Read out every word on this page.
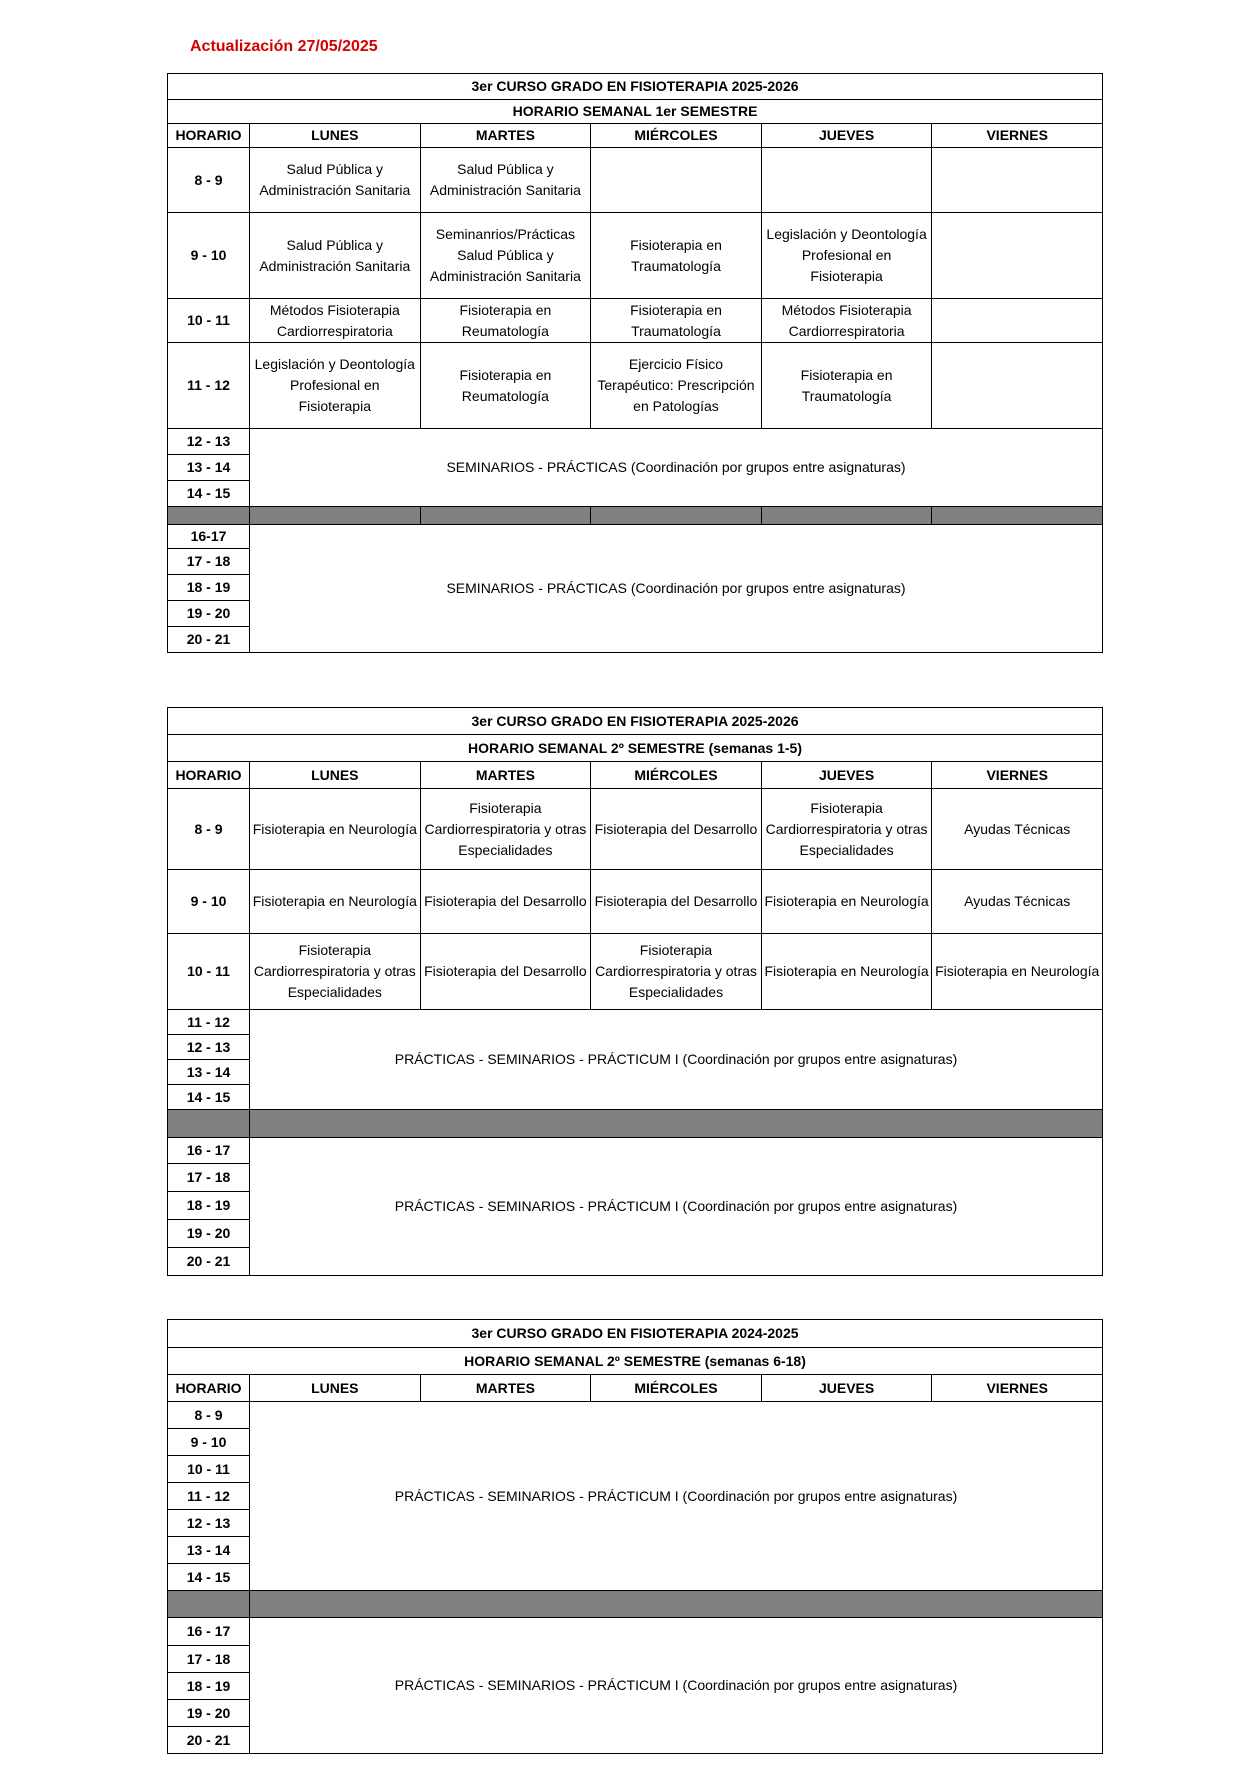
Actualización 27/05/2025
3er CURSO GRADO EN FISIOTERAPIA 2025-2026					
HORARIO SEMANAL 1er SEMESTRE					
HORARIO	LUNES	MARTES	MIÉRCOLES	JUEVES	VIERNES
8 - 9	Salud Pública y Administración Sanitaria	Salud Pública y Administración Sanitaria			
9 - 10	Salud Pública y Administración Sanitaria	Seminanrios/Prácticas Salud Pública y Administración Sanitaria	Fisioterapia en Traumatología	Legislación y Deontología Profesional en Fisioterapia	
10 - 11	Métodos Fisioterapia Cardiorrespiratoria	Fisioterapia en Reumatología	Fisioterapia en Traumatología	Métodos Fisioterapia Cardiorrespiratoria	
11 - 12	Legislación y Deontología Profesional en Fisioterapia	Fisioterapia en Reumatología	Ejercicio Físico Terapéutico: Prescripción en Patologías	Fisioterapia en Traumatología	
12 - 13	SEMINARIOS - PRÁCTICAS (Coordinación por grupos entre asignaturas)				
13 - 14					
14 - 15					

16-17	SEMINARIOS - PRÁCTICAS (Coordinación por grupos entre asignaturas)				
17 - 18					
18 - 19					
19 - 20					
20 - 21					
3er CURSO GRADO EN FISIOTERAPIA 2025-2026					
HORARIO SEMANAL 2º SEMESTRE (semanas 1-5)					
HORARIO	LUNES	MARTES	MIÉRCOLES	JUEVES	VIERNES
8 - 9	Fisioterapia en Neurología	Fisioterapia Cardiorrespiratoria y otras Especialidades	Fisioterapia del Desarrollo	Fisioterapia Cardiorrespiratoria y otras Especialidades	Ayudas Técnicas
9 - 10	Fisioterapia en Neurología	Fisioterapia del Desarrollo	Fisioterapia del Desarrollo	Fisioterapia en Neurología	Ayudas Técnicas
10 - 11	Fisioterapia Cardiorrespiratoria y otras Especialidades	Fisioterapia del Desarrollo	Fisioterapia Cardiorrespiratoria y otras Especialidades	Fisioterapia en Neurología	Fisioterapia en Neurología
11 - 12	PRÁCTICAS - SEMINARIOS - PRÁCTICUM I (Coordinación por grupos entre asignaturas)				
12 - 13					
13 - 14					
14 - 15					

16 - 17	PRÁCTICAS - SEMINARIOS - PRÁCTICUM I (Coordinación por grupos entre asignaturas)				
17 - 18					
18 - 19					
19 - 20					
20 - 21					
3er CURSO GRADO EN FISIOTERAPIA 2024-2025					
HORARIO SEMANAL 2º SEMESTRE (semanas 6-18)					
HORARIO	LUNES	MARTES	MIÉRCOLES	JUEVES	VIERNES
8 - 9	PRÁCTICAS - SEMINARIOS - PRÁCTICUM I (Coordinación por grupos entre asignaturas)				
9 - 10					
10 - 11					
11 - 12					
12 - 13					
13 - 14					
14 - 15					

16 - 17	PRÁCTICAS - SEMINARIOS - PRÁCTICUM I (Coordinación por grupos entre asignaturas)				
17 - 18					
18 - 19					
19 - 20					
20 - 21					
